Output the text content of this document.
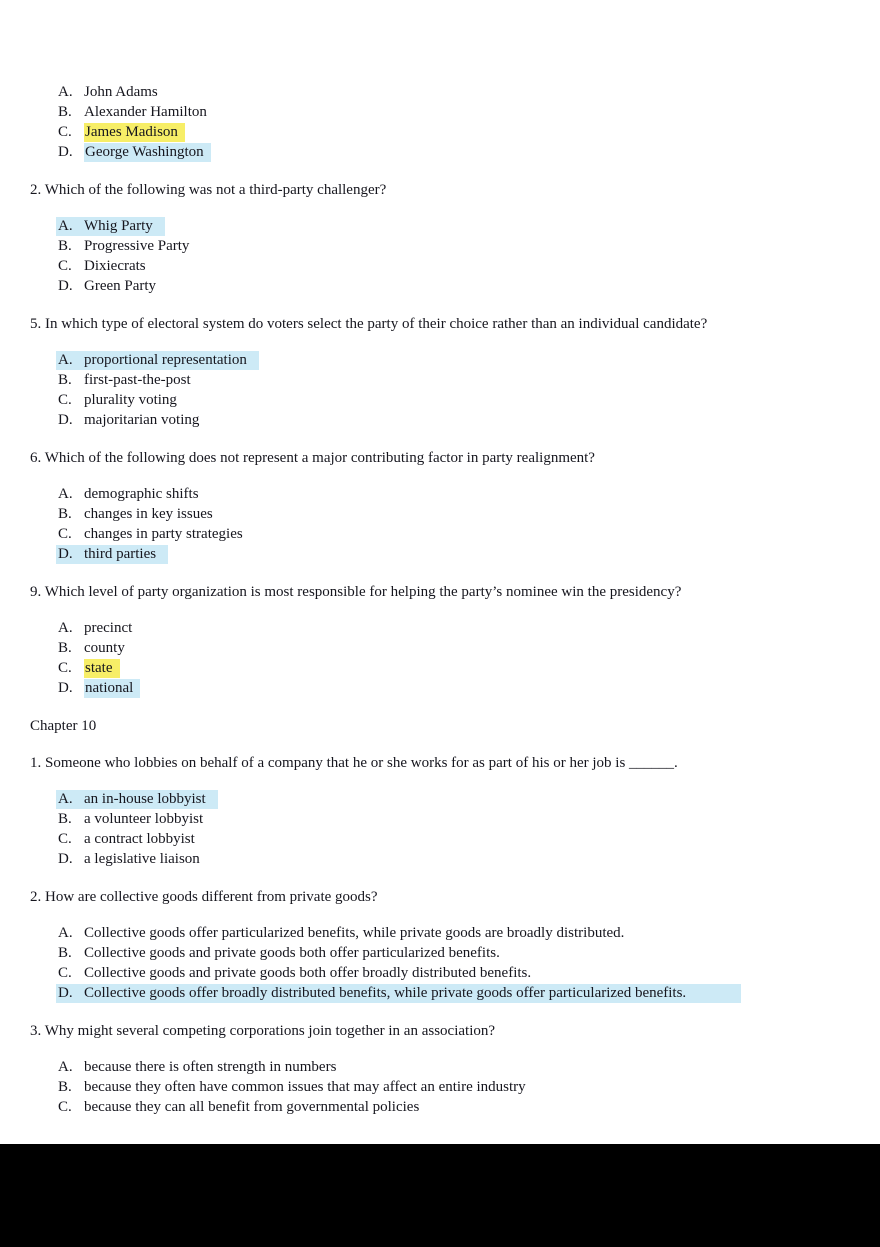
A. John Adams
B. Alexander Hamilton
C. James Madison
D. George Washington

2. Which of the following was not a third-party challenger?

A. Whig Party
B. Progressive Party
C. Dixiecrats
D. Green Party

5. In which type of electoral system do voters select the party of their choice rather than an individual candidate?

A. proportional representation
B. first-past-the-post
C. plurality voting
D. majoritarian voting

6. Which of the following does not represent a major contributing factor in party realignment?

A. demographic shifts
B. changes in key issues
C. changes in party strategies
D. third parties

9. Which level of party organization is most responsible for helping the party’s nominee win the presidency?

A. precinct
B. county
C. state
D. national

Chapter 10

1. Someone who lobbies on behalf of a company that he or she works for as part of his or her job is ______.

A. an in-house lobbyist
B. a volunteer lobbyist
C. a contract lobbyist
D. a legislative liaison

2. How are collective goods different from private goods?

A. Collective goods offer particularized benefits, while private goods are broadly distributed.
B. Collective goods and private goods both offer particularized benefits.
C. Collective goods and private goods both offer broadly distributed benefits.
D. Collective goods offer broadly distributed benefits, while private goods offer particularized benefits.

3. Why might several competing corporations join together in an association?

A. because there is often strength in numbers
B. because they often have common issues that may affect an entire industry
C. because they can all benefit from governmental policies
